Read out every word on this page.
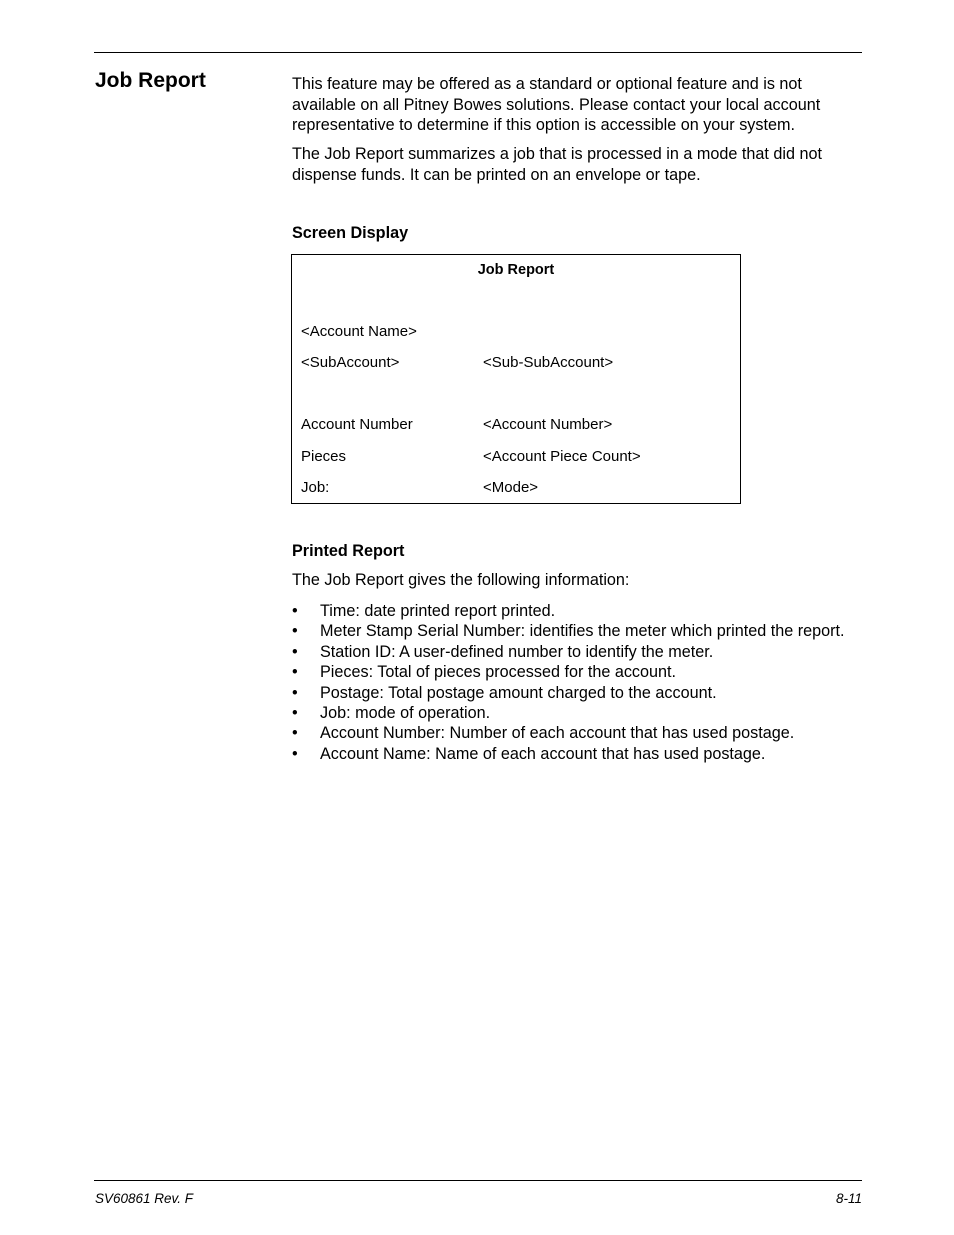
Job Report	This feature may be offered as a standard or optional feature and is not available on all Pitney Bowes solutions. Please contact your local account representative to determine if this option is accessible on your system.

The Job Report summarizes a job that is processed in a mode that did not dispense funds. It can be printed on an envelope or tape.

Screen Display
Job Report
<Account Name>
<SubAccount>	<Sub-SubAccount>
Account Number	<Account Number>
Pieces	<Account Piece Count>
Job:	<Mode>
Printed Report

The Job Report gives the following information:

• Time: date printed report printed.
• Meter Stamp Serial Number: identifies the meter which printed the report.
• Station ID: A user-defined number to identify the meter.
• Pieces: Total of pieces processed for the account.
• Postage: Total postage amount charged to the account.
• Job: mode of operation.
• Account Number: Number of each account that has used postage.
• Account Name: Name of each account that has used postage.
SV60861 Rev. F	8-11
